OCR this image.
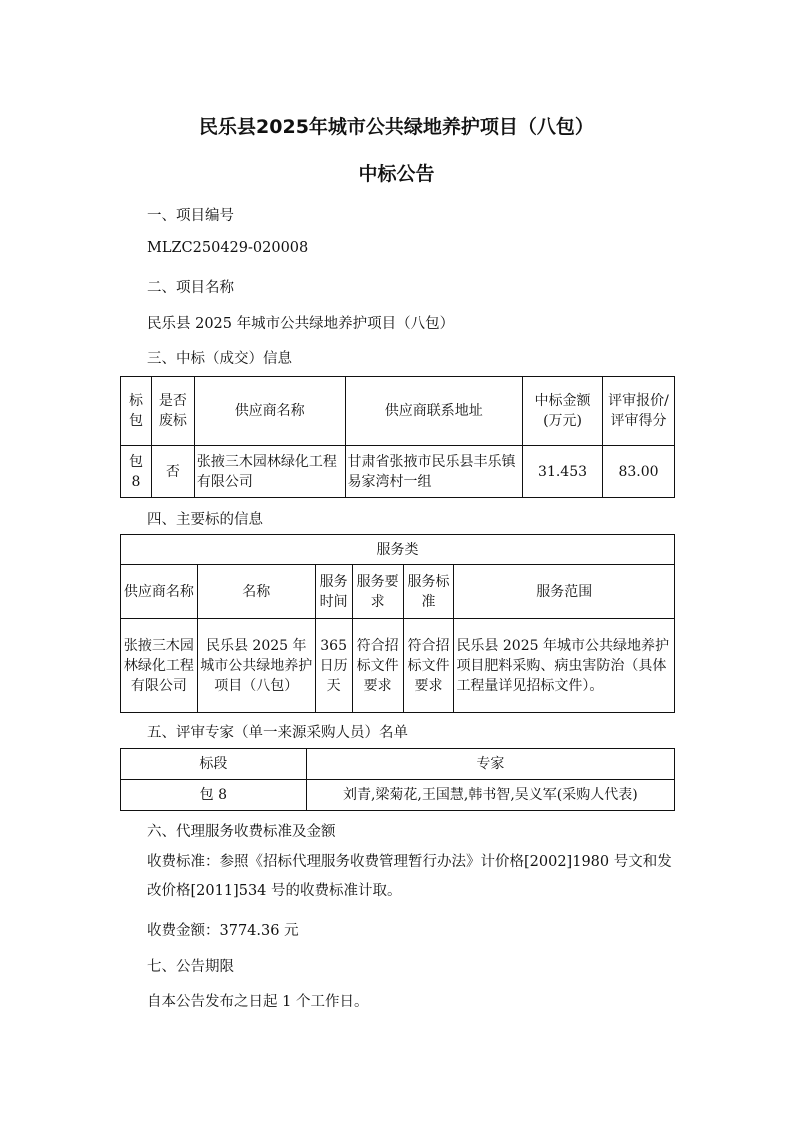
民乐县2025年城市公共绿地养护项目（八包）
中标公告
一、项目编号
MLZC250429-020008
二、项目名称
民乐县 2025 年城市公共绿地养护项目（八包）
三、中标（成交）信息
标包	是否废标	供应商名称	供应商联系地址	中标金额(万元)	评审报价/评审得分
包 8	否	张掖三木园林绿化工程有限公司	甘肃省张掖市民乐县丰乐镇易家湾村一组	31.453	83.00
四、主要标的信息
服务类					
供应商名称	名称	服务时间	服务要求	服务标准	服务范围
张掖三木园林绿化工程有限公司	民乐县 2025 年城市公共绿地养护项目（八包）	365 日历天	符合招标文件要求	符合招标文件要求	民乐县 2025 年城市公共绿地养护项目肥料采购、病虫害防治（具体工程量详见招标文件）。
五、评审专家（单一来源采购人员）名单
标段	专家
包 8	刘青,梁菊花,王国慧,韩书智,吴义军(采购人代表)
六、代理服务收费标准及金额
收费标准：参照《招标代理服务收费管理暂行办法》计价格[2002]1980 号文和发改价格[2011]534 号的收费标准计取。
收费金额：3774.36 元
七、公告期限
自本公告发布之日起 1 个工作日。
